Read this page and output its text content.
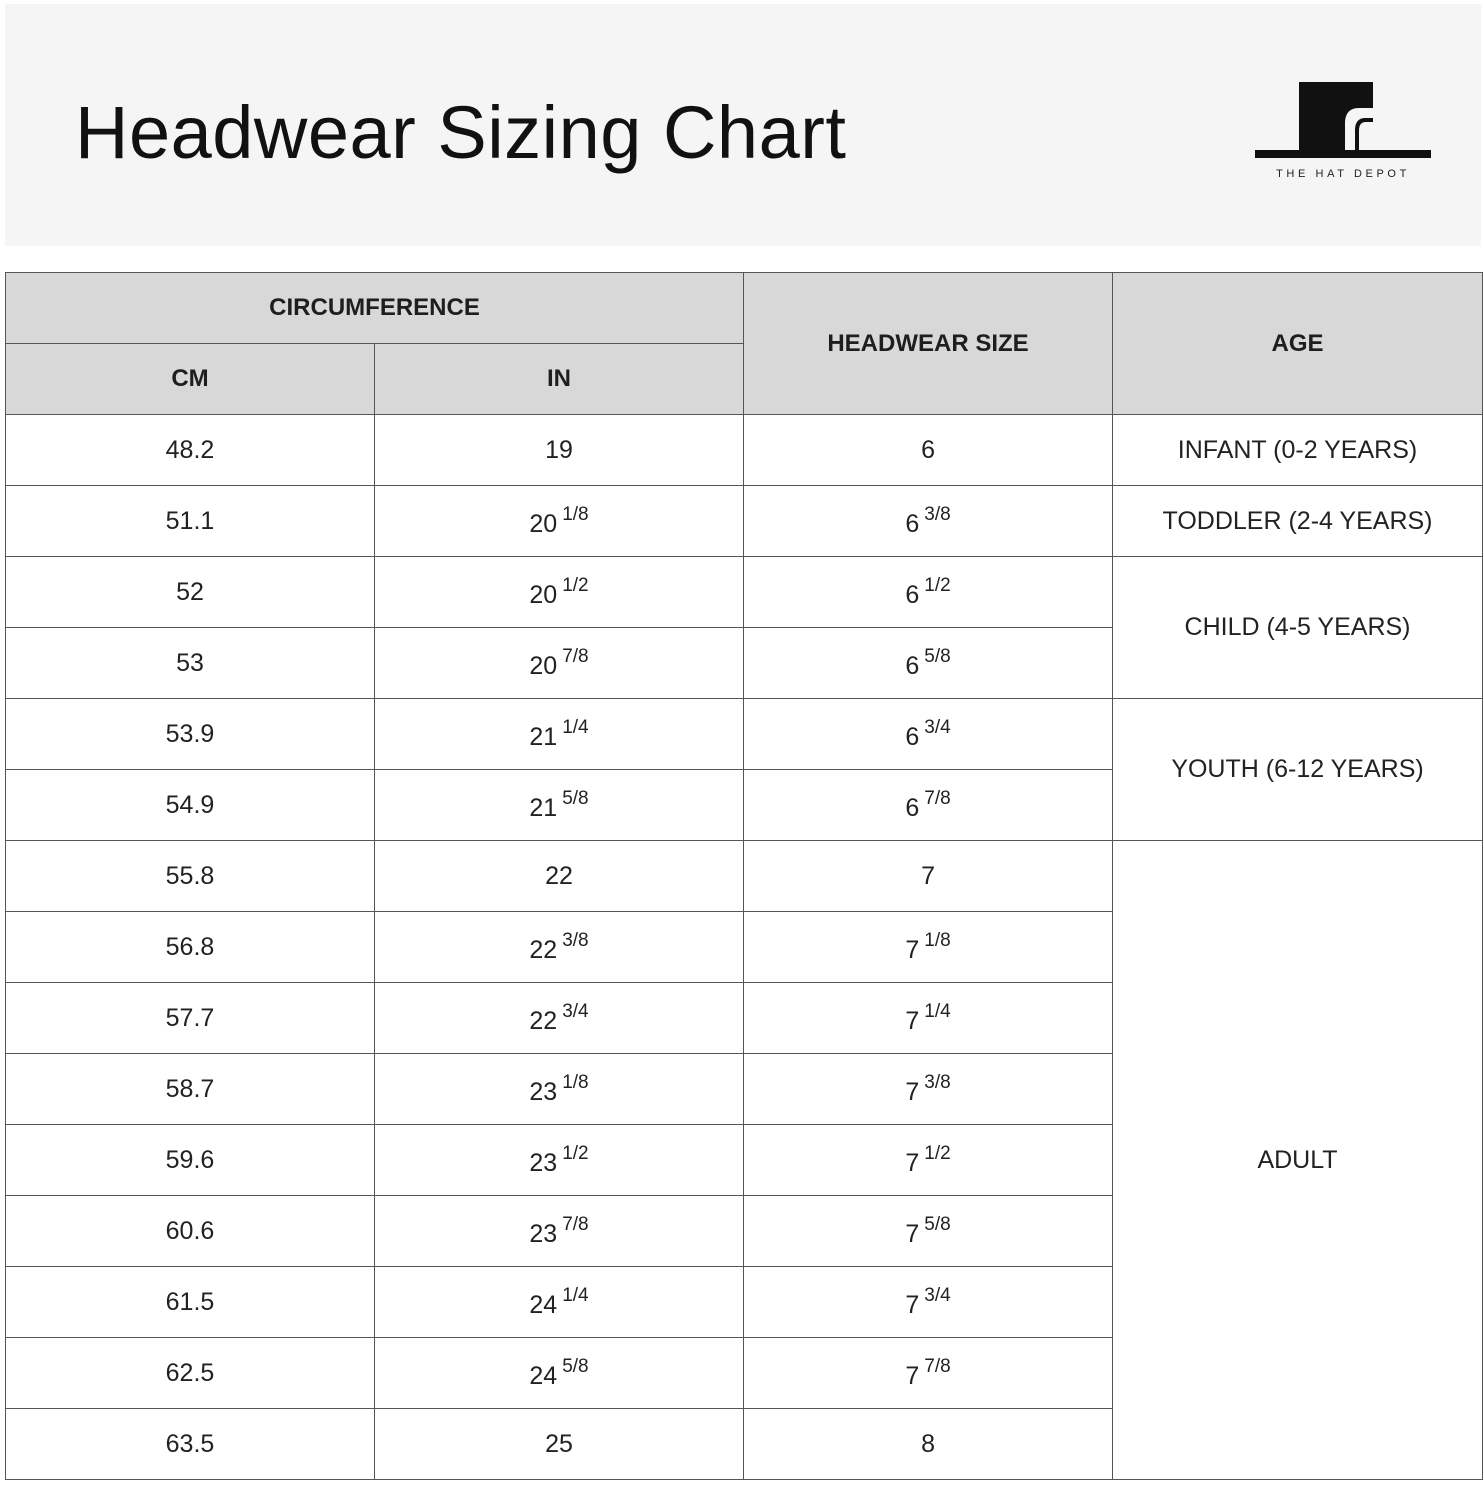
Headwear Sizing Chart	THE HAT DEPOT
CIRCUMFERENCE		HEADWEAR SIZE	AGE
CM	IN		
48.2	19	6	INFANT (0-2 YEARS)
51.1	20 $^{1/8}$	6 $^{3/8}$	TODDLER (2-4 YEARS)
52	20 $^{1/2}$	6 $^{1/2}$	CHILD (4-5 YEARS)
53	20 $^{7/8}$	6 $^{5/8}$
53.9	21 $^{1/4}$	6 $^{3/4}$	YOUTH (6-12 YEARS)
54.9	21 $^{5/8}$	6 $^{7/8}$
55.8	22	7	ADULT
56.8	22 $^{3/8}$	7 $^{1/8}$
57.7	22 $^{3/4}$	7 $^{1/4}$
58.7	23 $^{1/8}$	7 $^{3/8}$
59.6	23 $^{1/2}$	7 $^{1/2}$
60.6	23 $^{7/8}$	7 $^{5/8}$
61.5	24 $^{1/4}$	7 $^{3/4}$
62.5	24 $^{5/8}$	7 $^{7/8}$
63.5	25	8	
